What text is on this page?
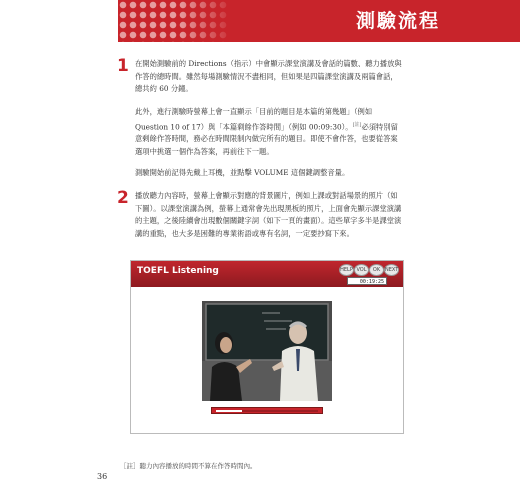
測驗流程
1 在開始測驗前的 Directions（指示）中會顯示課堂演講及會話的篇數、聽力播放與作答的總時間。雖然每場測驗情況不盡相同，但如果是四篇課堂演講及兩篇會話，總共約 60 分鐘。

此外，進行測驗時螢幕上會一直顯示「目前的題目是本篇的第幾題」（例如 Question 10 of 17）與「本篇剩餘作答時間」（例如 00:09:30）。[註]必須特別留意剩餘作答時間，務必在時間限制內做完所有的題目。即使不會作答，也要從答案選項中挑選一個作為答案，再前往下一題。

測驗開始前記得先戴上耳機，並點擊 VOLUME 這個鍵調整音量。

2 播放聽力內容時，螢幕上會顯示對應的背景圖片，例如上課或對話場景的照片（如下圖）。以課堂演講為例，螢幕上通常會先出現黑板的照片，上面會先顯示課堂演講的主題，之後陸續會出現數個關鍵字詞（如下一頁的畫面）。這些單字多半是課堂演講的重點，也大多是困難的專業術語或專有名詞，一定要抄寫下來。

TOEFL Listening	HELP VOL	OK NEXT
00:19:25
［註］聽力內容播放的時間不算在作答時間內。
36
